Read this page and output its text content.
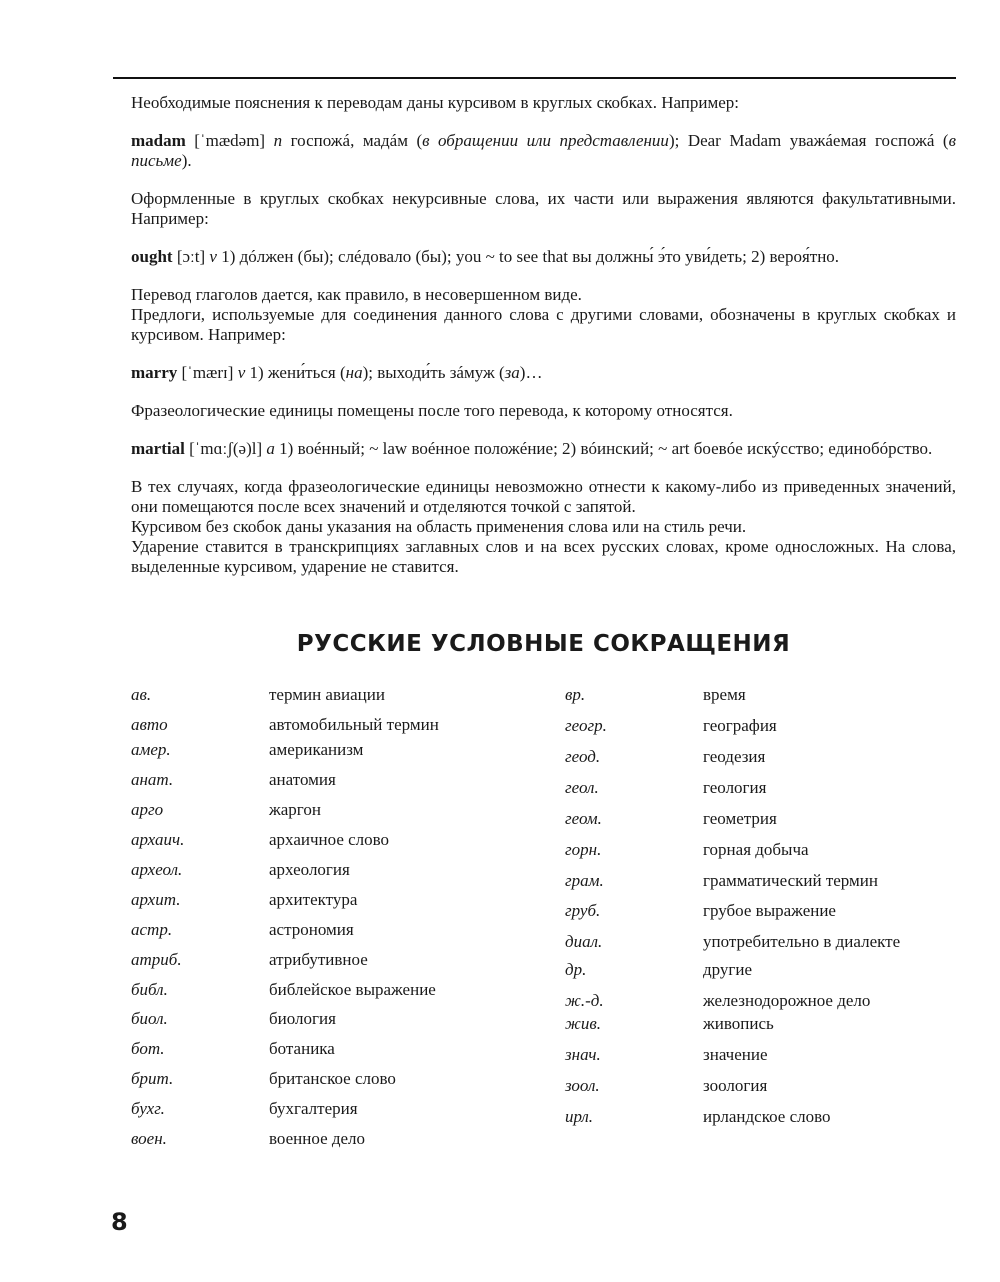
Необходимые пояснения к переводам даны курсивом в круглых скобках. Например:

madam [ˈmædəm] n госпожá, мадáм (в обращении или представлении); Dear Madam уважáемая госпожá (в письме).

Оформленные в круглых скобках некурсивные слова, их части или выражения являются факультативными. Например:

ought [ɔːt] v 1) дóлжен (бы); слéдовало (бы); you ~ to see that вы должны́ э́то уви́деть; 2) верoя́тно.

Перевод глаголов дается, как правило, в несовершенном виде.

Предлоги, используемые для соединения данного слова с другими словами, обозначены в круглых скобках и курсивом. Например:

marry [ˈmærɪ] v 1) жени́ться (на); выходи́ть зáмуж (за)…

Фразеологические единицы помещены после того перевода, к которому относятся.

martial [ˈmɑːʃ(ə)l] a 1) воéнный; ~ law воéнное положéние; 2) вóинский; ~ art боевóе искýсство; единобóрство.

В тех случаях, когда фразеологические единицы невозможно отнести к какому-либо из приведенных значений, они помещаются после всех значений и отделяются точкой с запятой.

Курсивом без скобок даны указания на область применения слова или на стиль речи.

Ударение ставится в транскрипциях заглавных слов и на всех русских словах, кроме односложных. На слова, выделенные курсивом, ударение не ставится.

РУССКИЕ УСЛОВНЫЕ СОКРАЩЕНИЯ
ав.	термин авиации
авто	автомобильный термин
амер.	американизм
анат.	анатомия
арго	жаргон
архаич.	архаичное слово
археол.	археология
архит.	архитектура
астр.	астрономия
атриб.	атрибутивное
библ.	библейское выражение
биол.	биология
бот.	ботаника
брит.	британское слово
бухг.	бухгалтерия
воен.	военное дело
вр.	время
геогр.	география
геод.	геодезия
геол.	геология
геом.	геометрия
горн.	горная добыча
грам.	грамматический термин
груб.	грубое выражение
диал.	употребительно в диалекте
др.	другие
ж.-д.	железнодорожное дело
жив.	живопись
знач.	значение
зоол.	зоология
ирл.	ирландское слово
8
